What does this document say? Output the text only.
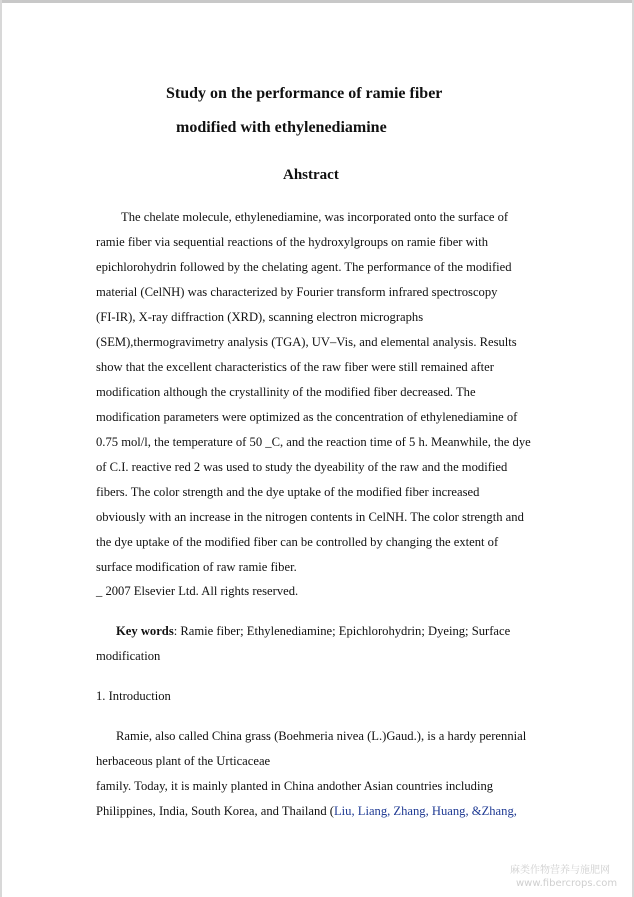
Study on the performance of ramie fiber
modified with ethylenediamine
Ahstract
The chelate molecule, ethylenediamine, was incorporated onto the surface of
ramie fiber via sequential reactions of the hydroxylgroups on ramie fiber with
epichlorohydrin followed by the chelating agent. The performance of the modified
material (CelNH) was characterized by Fourier transform infrared spectroscopy
(FI-IR), X-ray diffraction (XRD), scanning electron micrographs
(SEM),thermogravimetry analysis (TGA), UV–Vis, and elemental analysis. Results
show that the excellent characteristics of the raw fiber were still remained after
modification although the crystallinity of the modified fiber decreased. The
modification parameters were optimized as the concentration of ethylenediamine of
0.75 mol/l, the temperature of 50 _C, and the reaction time of 5 h. Meanwhile, the dye
of C.I. reactive red 2 was used to study the dyeability of the raw and the modified
fibers. The color strength and the dye uptake of the modified fiber increased
obviously with an increase in the nitrogen contents in CelNH. The color strength and
the dye uptake of the modified fiber can be controlled by changing the extent of
surface modification of raw ramie fiber.
_ 2007 Elsevier Ltd. All rights reserved.
Key words: Ramie fiber; Ethylenediamine; Epichlorohydrin; Dyeing; Surface
modification
1. Introduction
Ramie, also called China grass (Boehmeria nivea (L.)Gaud.), is a hardy perennial
herbaceous plant of the Urticaceae
family. Today, it is mainly planted in China andother Asian countries including
Philippines, India, South Korea, and Thailand (Liu, Liang, Zhang, Huang, &Zhang,
麻类作物营养与施肥网
www.fibercrops.com
